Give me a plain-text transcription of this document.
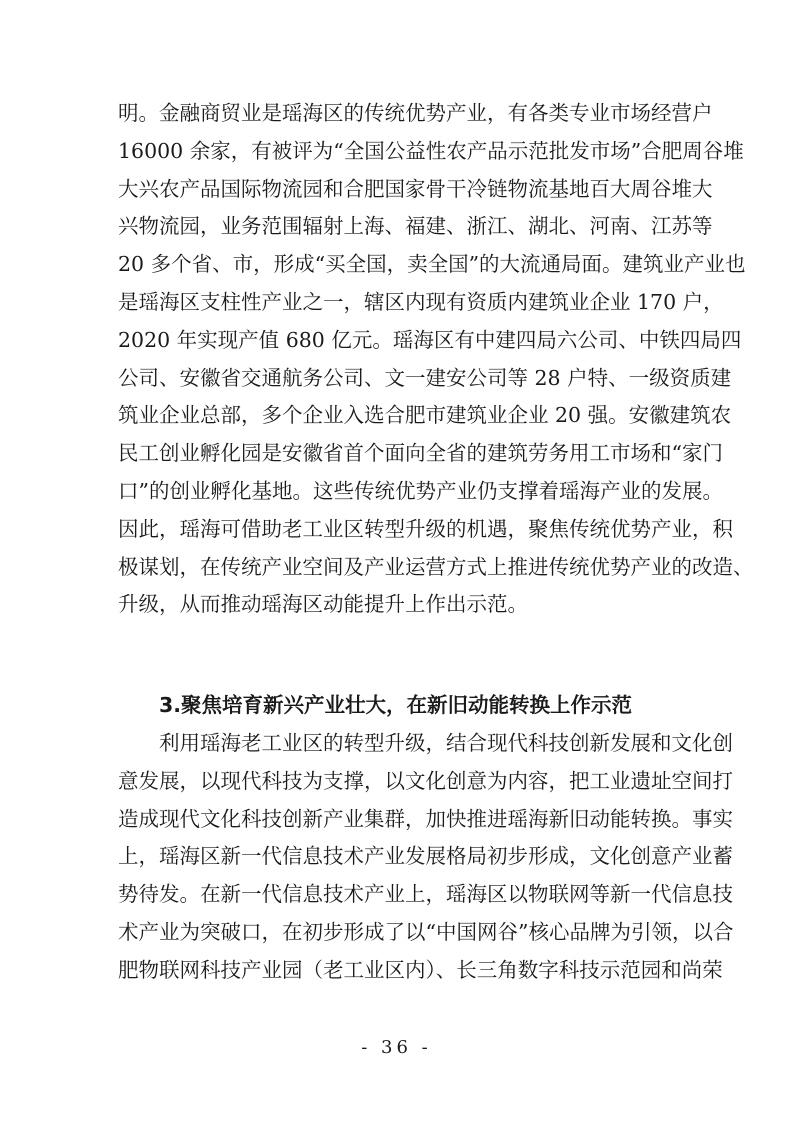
明。金融商贸业是瑶海区的传统优势产业，有各类专业市场经营户
16000 余家，有被评为“全国公益性农产品示范批发市场”合肥周谷堆
大兴农产品国际物流园和合肥国家骨干冷链物流基地百大周谷堆大
兴物流园，业务范围辐射上海、福建、浙江、湖北、河南、江苏等
20 多个省、市，形成“买全国，卖全国”的大流通局面。建筑业产业也
是瑶海区支柱性产业之一，辖区内现有资质内建筑业企业 170 户，
2020 年实现产值 680 亿元。瑶海区有中建四局六公司、中铁四局四
公司、安徽省交通航务公司、文一建安公司等 28 户特、一级资质建
筑业企业总部，多个企业入选合肥市建筑业企业 20 强。安徽建筑农
民工创业孵化园是安徽省首个面向全省的建筑劳务用工市场和“家门
口”的创业孵化基地。这些传统优势产业仍支撑着瑶海产业的发展。
因此，瑶海可借助老工业区转型升级的机遇，聚焦传统优势产业，积
极谋划，在传统产业空间及产业运营方式上推进传统优势产业的改造、
升级，从而推动瑶海区动能提升上作出示范。
3.聚焦培育新兴产业壮大，在新旧动能转换上作示范
利用瑶海老工业区的转型升级，结合现代科技创新发展和文化创
意发展，以现代科技为支撑，以文化创意为内容，把工业遗址空间打
造成现代文化科技创新产业集群，加快推进瑶海新旧动能转换。事实
上，瑶海区新一代信息技术产业发展格局初步形成，文化创意产业蓄
势待发。在新一代信息技术产业上，瑶海区以物联网等新一代信息技
术产业为突破口，在初步形成了以“中国网谷”核心品牌为引领，以合
肥物联网科技产业园（老工业区内）、长三角数字科技示范园和尚荣
- 36 -
